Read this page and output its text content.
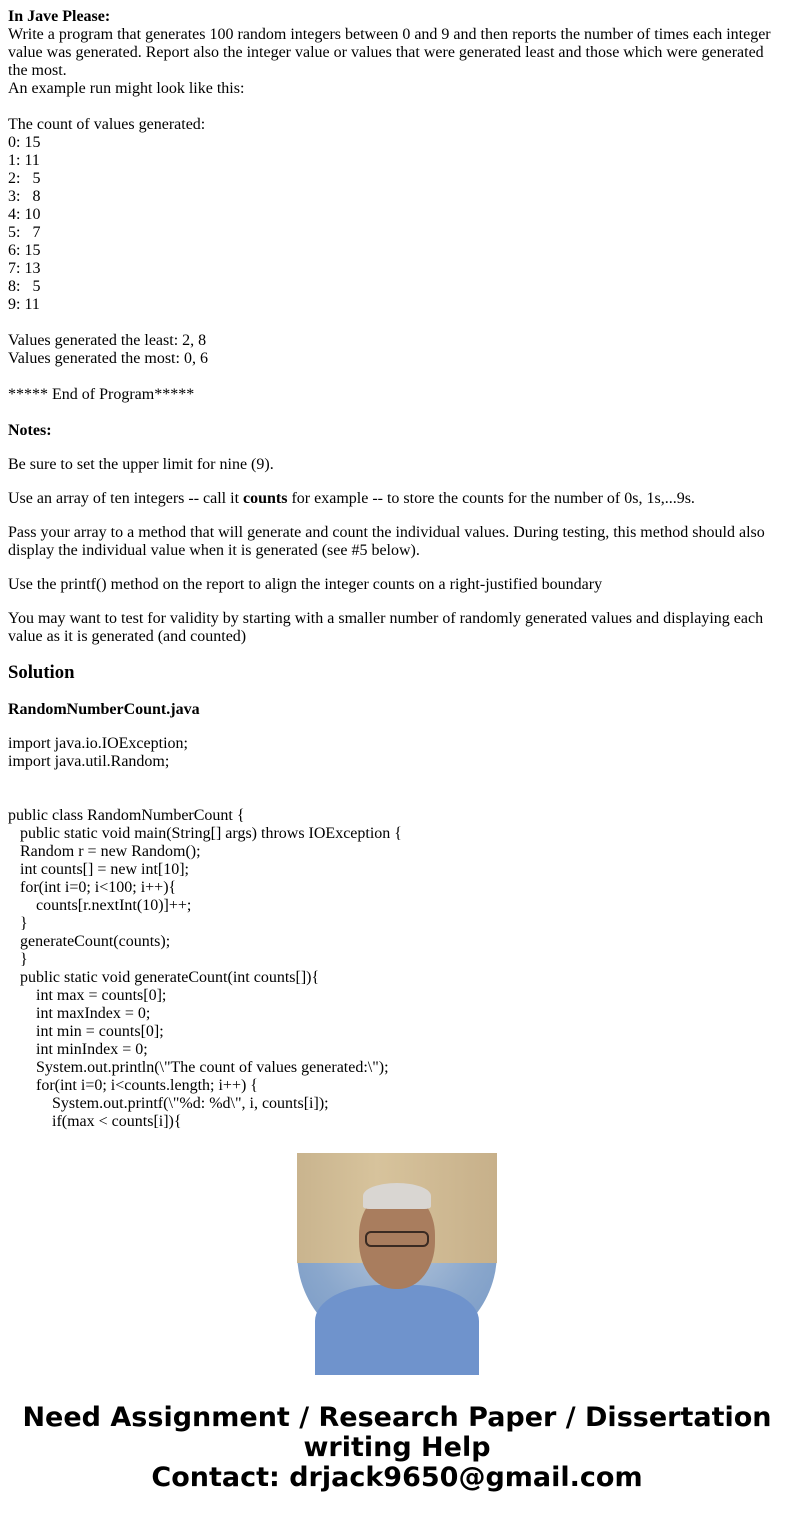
In Jave Please:
Write a program that generates 100 random integers between 0 and 9 and then reports the number of times each integer value was generated. Report also the integer value or values that were generated least and those which were generated the most.
An example run might look like this:

The count of values generated:
0: 15
1: 11
2:   5
3:   8
4: 10
5:   7
6: 15
7: 13
8:   5
9: 11

Values generated the least: 2, 8
Values generated the most: 0, 6

***** End of Program*****

Notes:

Be sure to set the upper limit for nine (9).

Use an array of ten integers -- call it counts for example -- to store the counts for the number of 0s, 1s,...9s.

Pass your array to a method that will generate and count the individual values. During testing, this method should also display the individual value when it is generated (see #5 below).

Use the printf() method on the report to align the integer counts on a right-justified boundary

You may want to test for validity by starting with a smaller number of randomly generated values and displaying each value as it is generated (and counted)

Solution
RandomNumberCount.java
import java.io.IOException;
import java.util.Random;

public class RandomNumberCount {
public static void main(String[] args) throws IOException {
Random r = new Random();
int counts[] = new int[10];
for(int i=0; i<100; i++){
counts[r.nextInt(10)]++;
}
generateCount(counts);
}
public static void generateCount(int counts[]){
int max = counts[0];
int maxIndex = 0;
int min = counts[0];
int minIndex = 0;
System.out.println(\"The count of values generated:\");
for(int i=0; i<counts.length; i++) {
System.out.printf(\"%d: %d\", i, counts[i]);
if(max < counts[i]){
Need Assignment / Research Paper / Dissertation
writing Help
Contact: drjack9650@gmail.com
